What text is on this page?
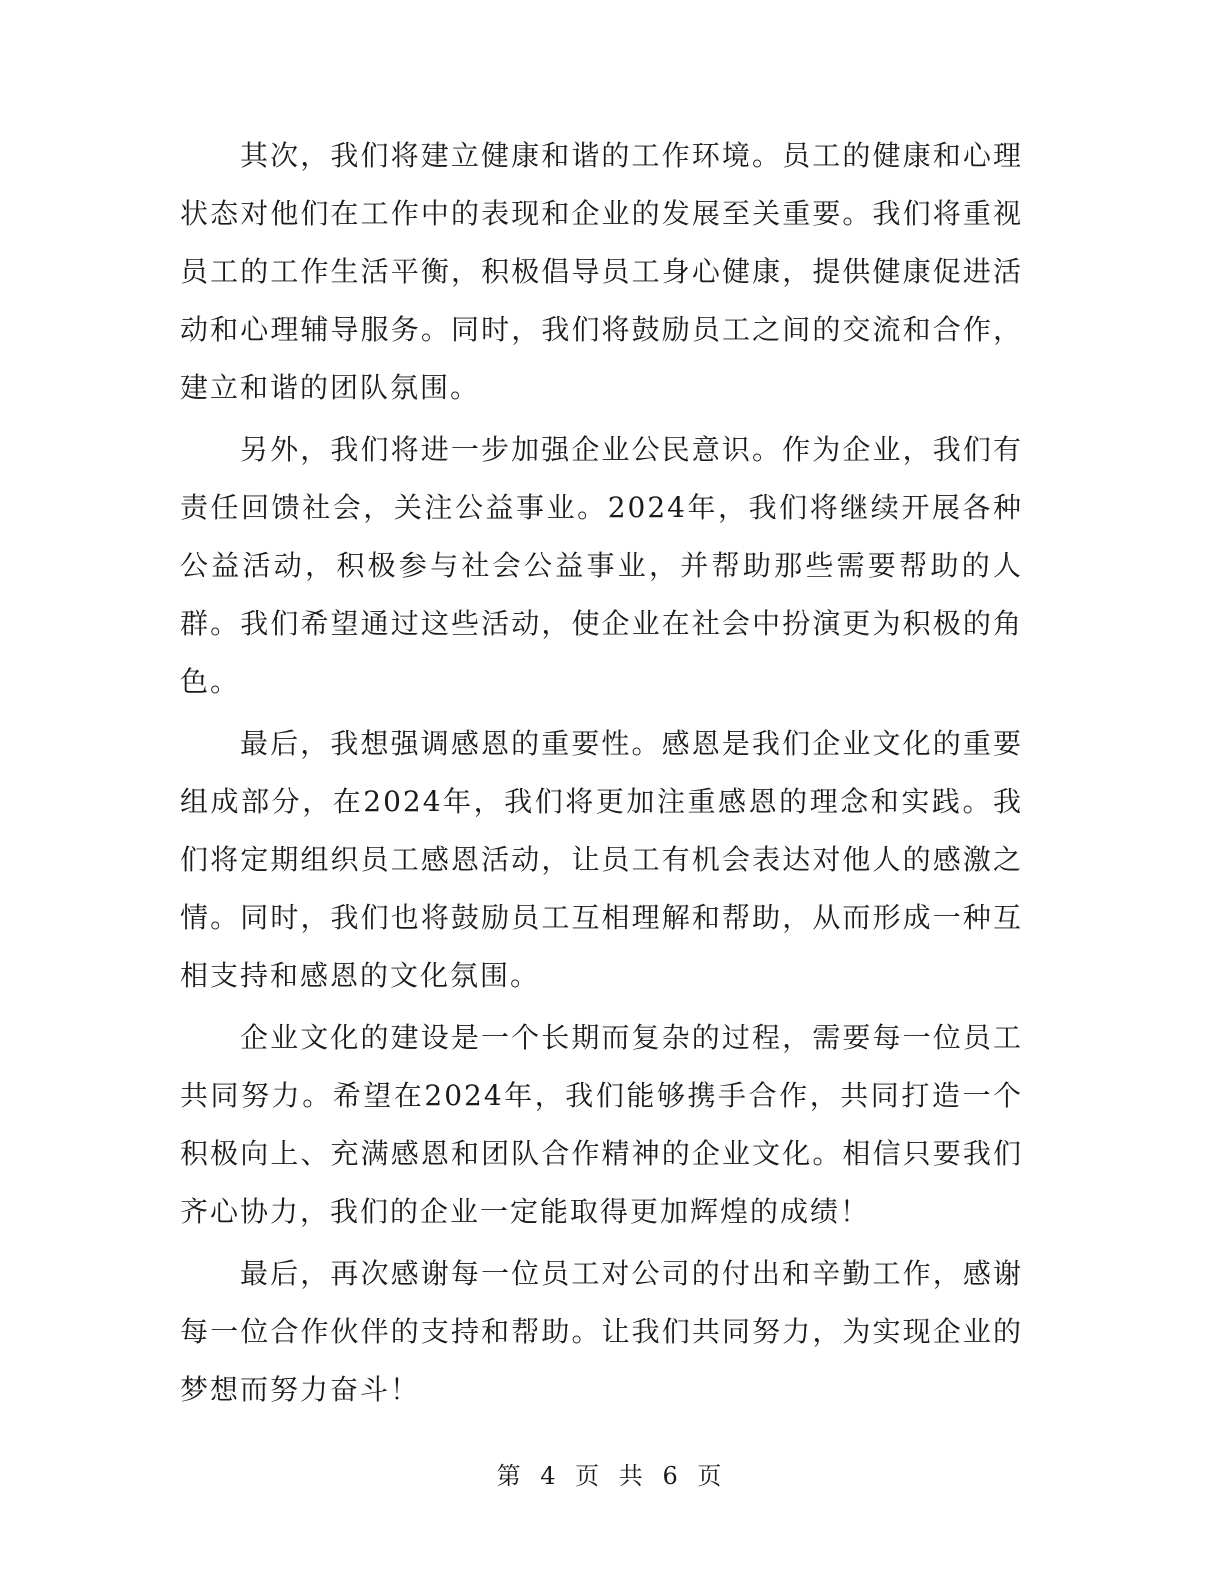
其次，我们将建立健康和谐的工作环境。员工的健康和心理状态对他们在工作中的表现和企业的发展至关重要。我们将重视员工的工作生活平衡，积极倡导员工身心健康，提供健康促进活动和心理辅导服务。同时，我们将鼓励员工之间的交流和合作，建立和谐的团队氛围。

另外，我们将进一步加强企业公民意识。作为企业，我们有责任回馈社会，关注公益事业。2024年，我们将继续开展各种公益活动，积极参与社会公益事业，并帮助那些需要帮助的人群。我们希望通过这些活动，使企业在社会中扮演更为积极的角色。

最后，我想强调感恩的重要性。感恩是我们企业文化的重要组成部分，在2024年，我们将更加注重感恩的理念和实践。我们将定期组织员工感恩活动，让员工有机会表达对他人的感激之情。同时，我们也将鼓励员工互相理解和帮助，从而形成一种互相支持和感恩的文化氛围。

企业文化的建设是一个长期而复杂的过程，需要每一位员工共同努力。希望在2024年，我们能够携手合作，共同打造一个积极向上、充满感恩和团队合作精神的企业文化。相信只要我们齐心协力，我们的企业一定能取得更加辉煌的成绩！

最后，再次感谢每一位员工对公司的付出和辛勤工作，感谢每一位合作伙伴的支持和帮助。让我们共同努力，为实现企业的梦想而努力奋斗！

第 4 页 共 6 页
